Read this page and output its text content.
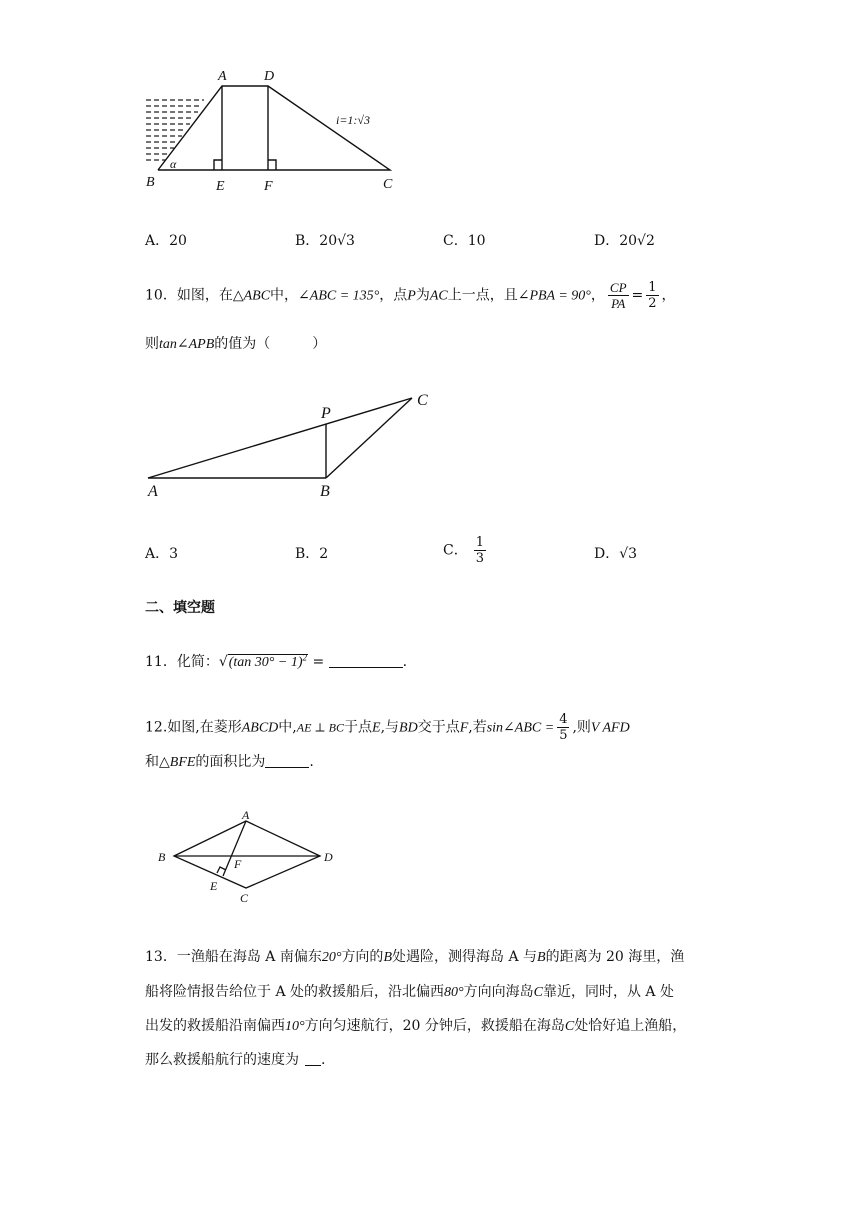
A	D
B	E	F	C
α
i=1:√3
A．20	B．20√3	C．10	D．20√2
10．如图，在△ABC中，∠ABC = 135°，点P为AC上一点，且∠PBA = 90°， $\frac{CP}{PA} = \frac{1}{2}$ ，
则tan∠APB的值为（　　　）
A	B
P
C
A．3	B．2	C． $\frac{1}{3}$	D．√3
二、填空题
11．化简：√(tan 30° − 1)$^2$ =	.
12.如图,在菱形ABCD中,AE ⊥ BC于点E,与BD交于点F,若sin∠ABC = $\frac{4}{5}$ ,则V AFD
和△BFE的面积比为	.
A
B	D
F
E
C
13．一渔船在海岛 A 南偏东20°方向的B处遇险，测得海岛 A 与B的距离为 20 海里，渔
船将险情报告给位于 A 处的救援船后，沿北偏西80°方向向海岛C靠近，同时，从 A 处
出发的救援船沿南偏西10°方向匀速航行，20 分钟后，救援船在海岛C处恰好追上渔船，
那么救援船航行的速度为 .
